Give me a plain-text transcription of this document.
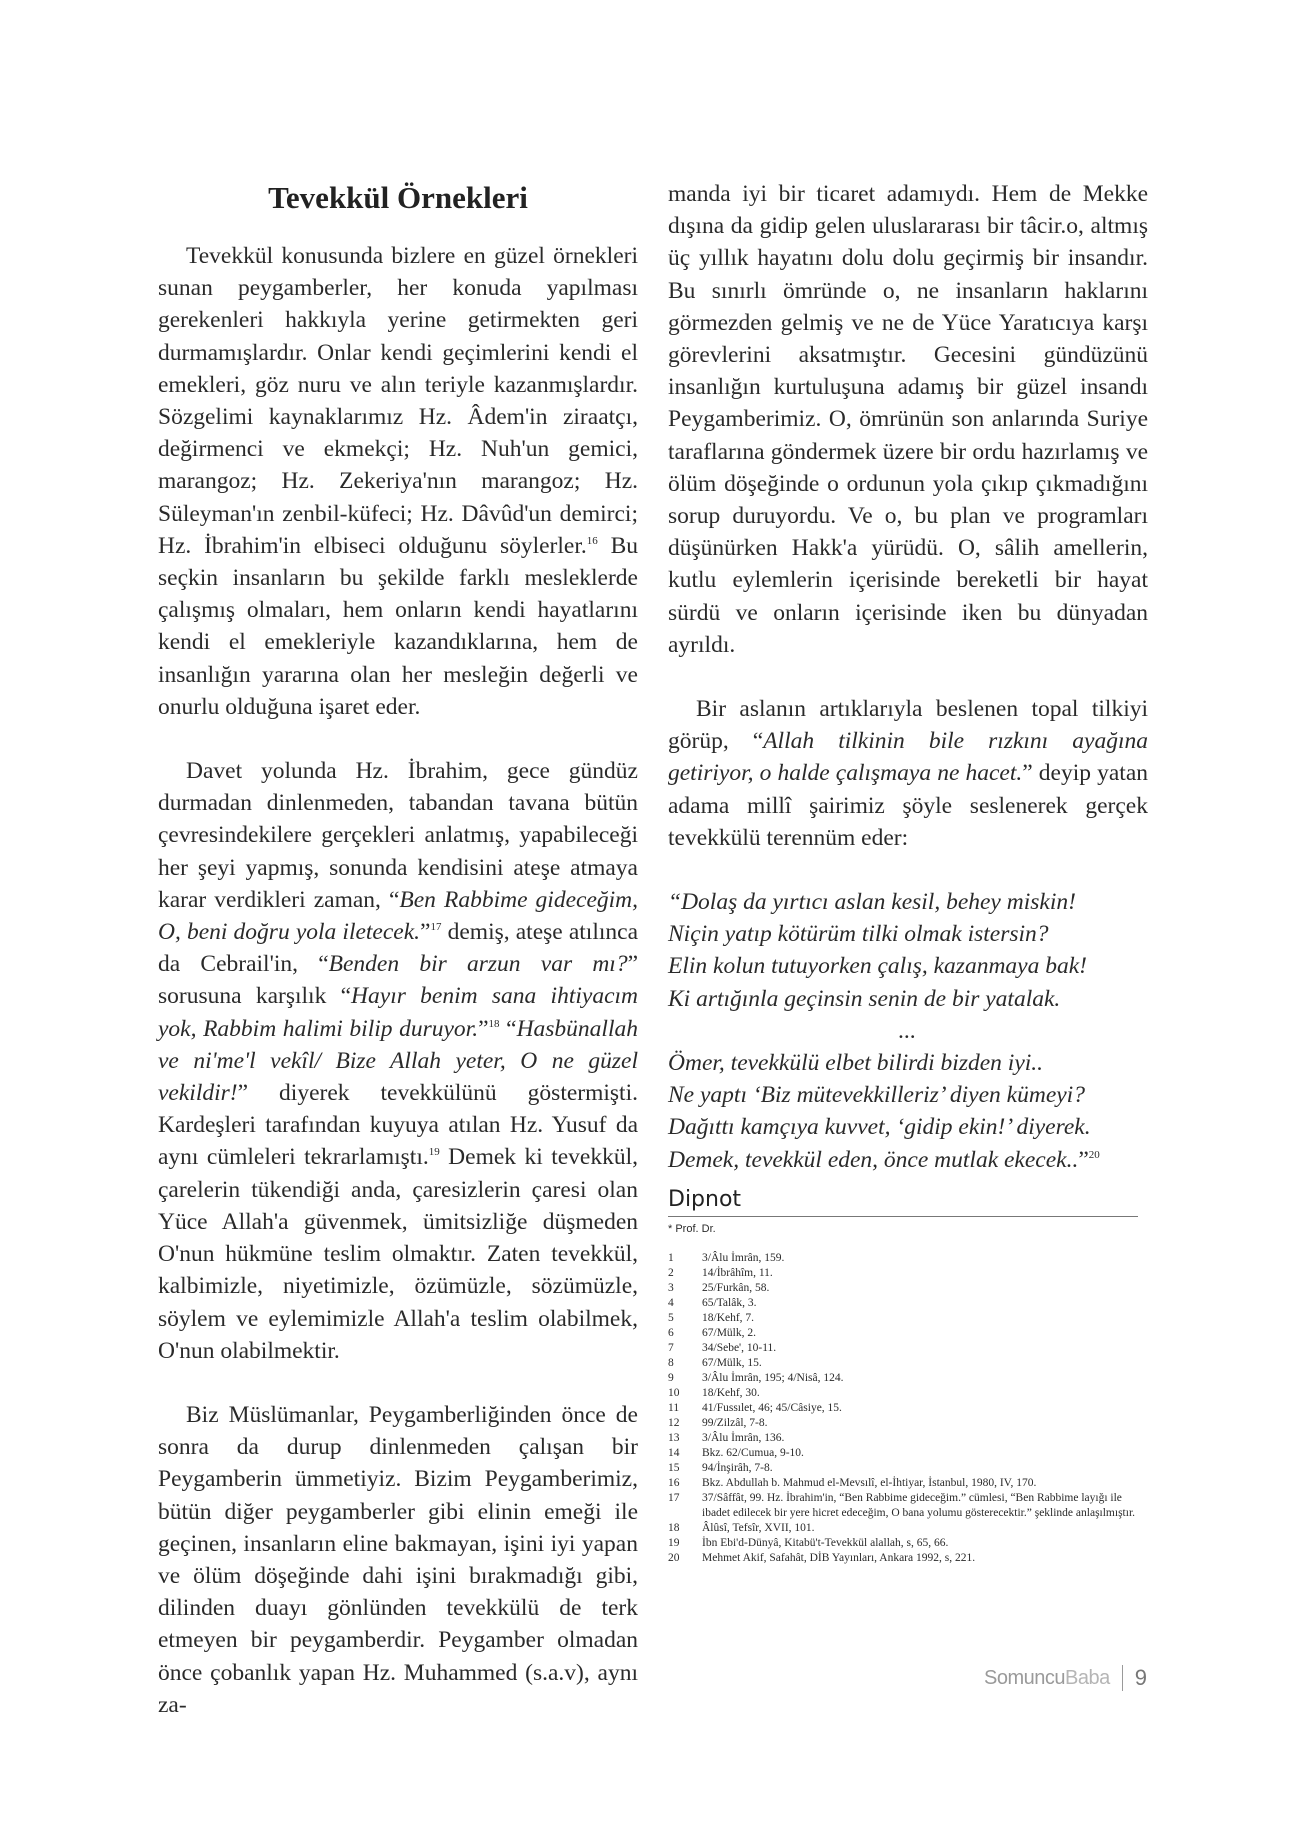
Tevekkül Örnekleri

Tevekkül konusunda bizlere en güzel örnekleri sunan peygamberler, her konuda yapılması gerekenleri hakkıyla yerine getirmekten geri durmamışlardır. Onlar kendi geçimlerini kendi el emekleri, göz nuru ve alın teriyle kazanmışlardır. Sözgelimi kaynaklarımız Hz. Âdem'in ziraatçı, değirmenci ve ekmekçi; Hz. Nuh'un gemici, marangoz; Hz. Zekeriya'nın marangoz; Hz. Süleyman'ın zenbil-küfeci; Hz. Dâvûd'un demirci; Hz. İbrahim'in elbiseci olduğunu söylerler.$^{16}$ Bu seçkin insanların bu şekilde farklı mesleklerde çalışmış olmaları, hem onların kendi hayatlarını kendi el emekleriyle kazandıklarına, hem de insanlığın yararına olan her mesleğin değerli ve onurlu olduğuna işaret eder.

Davet yolunda Hz. İbrahim, gece gündüz durmadan dinlenmeden, tabandan tavana bütün çevresindekilere gerçekleri anlatmış, yapabileceği her şeyi yapmış, sonunda kendisini ateşe atmaya karar verdikleri zaman, “Ben Rabbime gideceğim, O, beni doğru yola iletecek.”$^{17}$ demiş, ateşe atılınca da Cebrail'in, “Benden bir arzun var mı?” sorusuna karşılık “Hayır benim sana ihtiyacım yok, Rabbim halimi bilip duruyor.”$^{18}$ “Hasbünallah ve ni'me'l vekîl/ Bize Allah yeter, O ne güzel vekildir!” diyerek tevekkülünü göstermişti. Kardeşleri tarafından kuyuya atılan Hz. Yusuf da aynı cümleleri tekrarlamıştı.$^{19}$ Demek ki tevekkül, çarelerin tükendiği anda, çaresizlerin çaresi olan Yüce Allah'a güvenmek, ümitsizliğe düşmeden O'nun hükmüne teslim olmaktır. Zaten tevekkül, kalbimizle, niyetimizle, özümüzle, sözümüzle, söylem ve eylemimizle Allah'a teslim olabilmek, O'nun olabilmektir.

Biz Müslümanlar, Peygamberliğinden önce de sonra da durup dinlenmeden çalışan bir Peygamberin ümmetiyiz. Bizim Peygamberimiz, bütün diğer peygamberler gibi elinin emeği ile geçinen, insanların eline bakmayan, işini iyi yapan ve ölüm döşeğinde dahi işini bırakmadığı gibi, dilinden duayı gönlünden tevekkülü de terk etmeyen bir peygamberdir. Peygamber olmadan önce çobanlık yapan Hz. Muhammed (s.a.v), aynı za-

manda iyi bir ticaret adamıydı. Hem de Mekke dışına da gidip gelen uluslararası bir tâcir.o, altmış üç yıllık hayatını dolu dolu geçirmiş bir insandır. Bu sınırlı ömründe o, ne insanların haklarını görmezden gelmiş ve ne de Yüce Yaratıcıya karşı görevlerini aksatmıştır. Gecesini gündüzünü insanlığın kurtuluşuna adamış bir güzel insandı Peygamberimiz. O, ömrünün son anlarında Suriye taraflarına göndermek üzere bir ordu hazırlamış ve ölüm döşeğinde o ordunun yola çıkıp çıkmadığını sorup duruyordu. Ve o, bu plan ve programları düşünürken Hakk'a yürüdü. O, sâlih amellerin, kutlu eylemlerin içerisinde bereketli bir hayat sürdü ve onların içerisinde iken bu dünyadan ayrıldı.

Bir aslanın artıklarıyla beslenen topal tilkiyi görüp, “Allah tilkinin bile rızkını ayağına getiriyor, o halde çalışmaya ne hacet.” deyip yatan adama millî şairimiz şöyle seslenerek gerçek tevekkülü terennüm eder:

“Dolaş da yırtıcı aslan kesil, behey miskin!
Niçin yatıp kötürüm tilki olmak istersin?
Elin kolun tutuyorken çalış, kazanmaya bak!
Ki artığınla geçinsin senin de bir yatalak.
...
Ömer, tevekkülü elbet bilirdi bizden iyi..
Ne yaptı ‘Biz mütevekkilleriz’ diyen kümeyi?
Dağıttı kamçıya kuvvet, ‘gidip ekin!’ diyerek.
Demek, tevekkül eden, önce mutlak ekecek..”$^{20}$
Dipnot
* Prof. Dr.
1	3/Âlu İmrân, 159.
2	14/İbrâhîm, 11.
3	25/Furkân, 58.
4	65/Talâk, 3.
5	18/Kehf, 7.
6	67/Mülk, 2.
7	34/Sebe', 10-11.
8	67/Mülk, 15.
9	3/Âlu İmrân, 195; 4/Nisâ, 124.
10	18/Kehf, 30.
11	41/Fussılet, 46; 45/Câsiye, 15.
12	99/Zilzâl, 7-8.
13	3/Âlu İmrân, 136.
14	Bkz. 62/Cumua, 9-10.
15	94/İnşirâh, 7-8.
16	Bkz. Abdullah b. Mahmud el-Mevsılî, el-İhtiyar, İstanbul, 1980, IV, 170.
17	37/Sâffât, 99. Hz. İbrahim'in, “Ben Rabbime gideceğim.” cümlesi, “Ben Rabbime layığı ile ibadet edilecek bir yere hicret edeceğim, O bana yolumu gösterecektir.” şeklinde anlaşılmıştır.
18	Âlûsî, Tefsîr, XVII, 101.
19	İbn Ebi'd-Dünyâ, Kitabü't-Tevekkül alallah, s, 65, 66.
20	Mehmet Akif, Safahât, DİB Yayınları, Ankara 1992, s, 221.
SomuncuBaba 9
